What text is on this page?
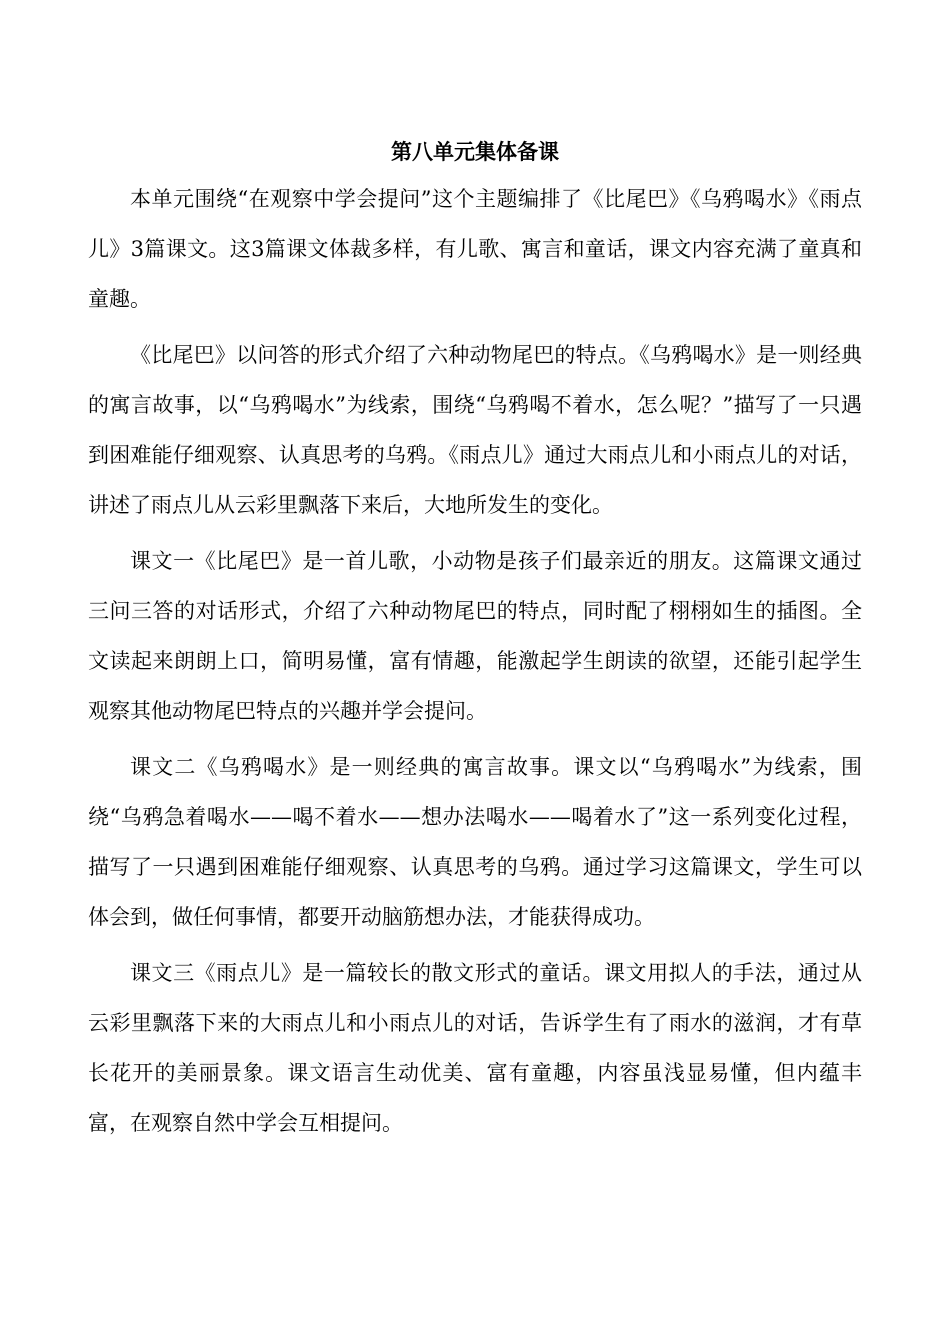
第八单元集体备课

本单元围绕“在观察中学会提问”这个主题编排了《比尾巴》《乌鸦喝水》《雨点儿》3篇课文。这3篇课文体裁多样，有儿歌、寓言和童话，课文内容充满了童真和童趣。

《比尾巴》以问答的形式介绍了六种动物尾巴的特点。《乌鸦喝水》是一则经典的寓言故事，以“乌鸦喝水”为线索，围绕“乌鸦喝不着水，怎么呢？”描写了一只遇到困难能仔细观察、认真思考的乌鸦。《雨点儿》通过大雨点儿和小雨点儿的对话，讲述了雨点儿从云彩里飘落下来后，大地所发生的变化。

课文一《比尾巴》是一首儿歌，小动物是孩子们最亲近的朋友。这篇课文通过三问三答的对话形式，介绍了六种动物尾巴的特点，同时配了栩栩如生的插图。全文读起来朗朗上口，简明易懂，富有情趣，能激起学生朗读的欲望，还能引起学生观察其他动物尾巴特点的兴趣并学会提问。

课文二《乌鸦喝水》是一则经典的寓言故事。课文以“乌鸦喝水”为线索，围绕“乌鸦急着喝水——喝不着水——想办法喝水——喝着水了”这一系列变化过程，描写了一只遇到困难能仔细观察、认真思考的乌鸦。通过学习这篇课文，学生可以体会到，做任何事情，都要开动脑筋想办法，才能获得成功。

课文三《雨点儿》是一篇较长的散文形式的童话。课文用拟人的手法，通过从云彩里飘落下来的大雨点儿和小雨点儿的对话，告诉学生有了雨水的滋润，才有草长花开的美丽景象。课文语言生动优美、富有童趣，内容虽浅显易懂，但内蕴丰富，在观察自然中学会互相提问。
